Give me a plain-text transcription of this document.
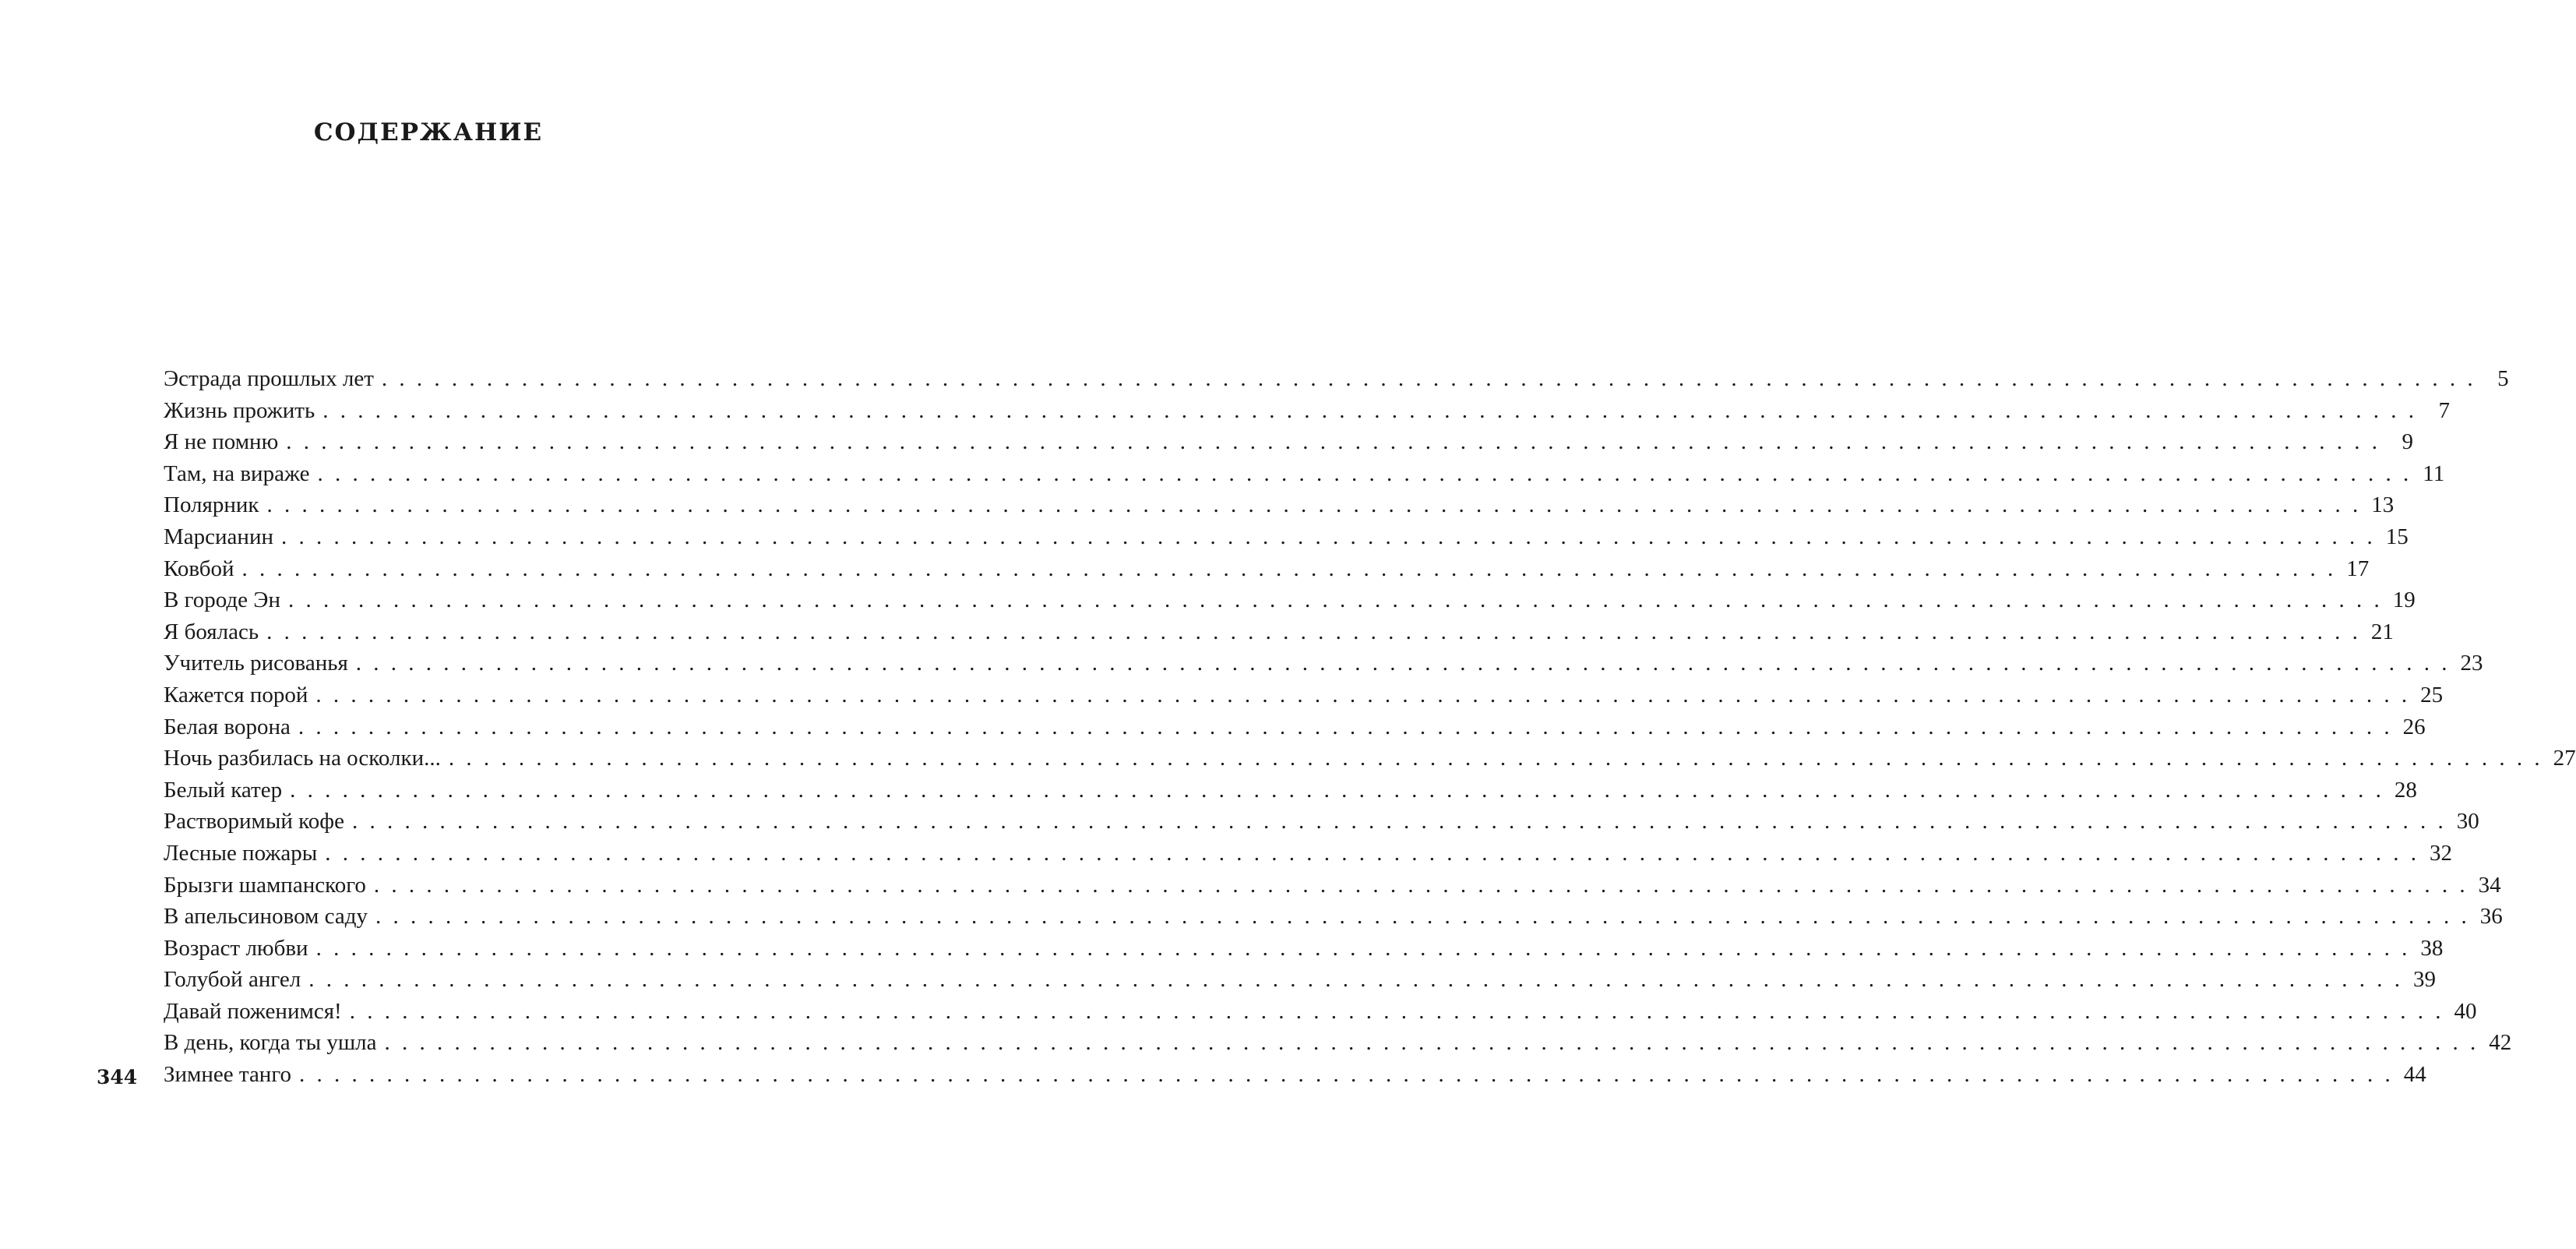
СОДЕРЖАНИЕ
Эстрада прошлых лет . . . . . . . . . . . . . . . . . . . . . . . . . . . . . . . . . . . . . . . . . . . . . . . . . . . . . . . . . . . . . . . . . . . . . . . . . . . . . . . . . . . . . . . . . . . . . . . . . . . . . . . . . . . . . . . . . . . . . . . . 5
Жизнь прожить . . . . . . . . . . . . . . . . . . . . . . . . . . . . . . . . . . . . . . . . . . . . . . . . . . . . . . . . . . . . . . . . . . . . . . . . . . . . . . . . . . . . . . . . . . . . . . . . . . . . . . . . . . . . . . . . . . . . . . . . 7
Я не помню . . . . . . . . . . . . . . . . . . . . . . . . . . . . . . . . . . . . . . . . . . . . . . . . . . . . . . . . . . . . . . . . . . . . . . . . . . . . . . . . . . . . . . . . . . . . . . . . . . . . . . . . . . . . . . . . . . . . . . . . 9
Там, на вираже . . . . . . . . . . . . . . . . . . . . . . . . . . . . . . . . . . . . . . . . . . . . . . . . . . . . . . . . . . . . . . . . . . . . . . . . . . . . . . . . . . . . . . . . . . . . . . . . . . . . . . . . . . . . . . . . . . . . . . . . 11
Полярник . . . . . . . . . . . . . . . . . . . . . . . . . . . . . . . . . . . . . . . . . . . . . . . . . . . . . . . . . . . . . . . . . . . . . . . . . . . . . . . . . . . . . . . . . . . . . . . . . . . . . . . . . . . . . . . . . . . . . . . . 13
Марсианин . . . . . . . . . . . . . . . . . . . . . . . . . . . . . . . . . . . . . . . . . . . . . . . . . . . . . . . . . . . . . . . . . . . . . . . . . . . . . . . . . . . . . . . . . . . . . . . . . . . . . . . . . . . . . . . . . . . . . . . . 15
Ковбой . . . . . . . . . . . . . . . . . . . . . . . . . . . . . . . . . . . . . . . . . . . . . . . . . . . . . . . . . . . . . . . . . . . . . . . . . . . . . . . . . . . . . . . . . . . . . . . . . . . . . . . . . . . . . . . . . . . . . . . . 17
В городе Эн . . . . . . . . . . . . . . . . . . . . . . . . . . . . . . . . . . . . . . . . . . . . . . . . . . . . . . . . . . . . . . . . . . . . . . . . . . . . . . . . . . . . . . . . . . . . . . . . . . . . . . . . . . . . . . . . . . . . . . . . 19
Я боялась . . . . . . . . . . . . . . . . . . . . . . . . . . . . . . . . . . . . . . . . . . . . . . . . . . . . . . . . . . . . . . . . . . . . . . . . . . . . . . . . . . . . . . . . . . . . . . . . . . . . . . . . . . . . . . . . . . . . . . . . 21
Учитель рисованья . . . . . . . . . . . . . . . . . . . . . . . . . . . . . . . . . . . . . . . . . . . . . . . . . . . . . . . . . . . . . . . . . . . . . . . . . . . . . . . . . . . . . . . . . . . . . . . . . . . . . . . . . . . . . . . . . . . . . . . . 23
Кажется порой . . . . . . . . . . . . . . . . . . . . . . . . . . . . . . . . . . . . . . . . . . . . . . . . . . . . . . . . . . . . . . . . . . . . . . . . . . . . . . . . . . . . . . . . . . . . . . . . . . . . . . . . . . . . . . . . . . . . . . . . 25
Белая ворона . . . . . . . . . . . . . . . . . . . . . . . . . . . . . . . . . . . . . . . . . . . . . . . . . . . . . . . . . . . . . . . . . . . . . . . . . . . . . . . . . . . . . . . . . . . . . . . . . . . . . . . . . . . . . . . . . . . . . . . . 26
Ночь разбилась на осколки... . . . . . . . . . . . . . . . . . . . . . . . . . . . . . . . . . . . . . . . . . . . . . . . . . . . . . . . . . . . . . . . . . . . . . . . . . . . . . . . . . . . . . . . . . . . . . . . . . . . . . . . . . . . . . . . . . . . . . . . . 27
Белый катер . . . . . . . . . . . . . . . . . . . . . . . . . . . . . . . . . . . . . . . . . . . . . . . . . . . . . . . . . . . . . . . . . . . . . . . . . . . . . . . . . . . . . . . . . . . . . . . . . . . . . . . . . . . . . . . . . . . . . . . . 28
Растворимый кофе . . . . . . . . . . . . . . . . . . . . . . . . . . . . . . . . . . . . . . . . . . . . . . . . . . . . . . . . . . . . . . . . . . . . . . . . . . . . . . . . . . . . . . . . . . . . . . . . . . . . . . . . . . . . . . . . . . . . . . . . 30
Лесные пожары . . . . . . . . . . . . . . . . . . . . . . . . . . . . . . . . . . . . . . . . . . . . . . . . . . . . . . . . . . . . . . . . . . . . . . . . . . . . . . . . . . . . . . . . . . . . . . . . . . . . . . . . . . . . . . . . . . . . . . . . 32
Брызги шампанского . . . . . . . . . . . . . . . . . . . . . . . . . . . . . . . . . . . . . . . . . . . . . . . . . . . . . . . . . . . . . . . . . . . . . . . . . . . . . . . . . . . . . . . . . . . . . . . . . . . . . . . . . . . . . . . . . . . . . . . . 34
В апельсиновом саду . . . . . . . . . . . . . . . . . . . . . . . . . . . . . . . . . . . . . . . . . . . . . . . . . . . . . . . . . . . . . . . . . . . . . . . . . . . . . . . . . . . . . . . . . . . . . . . . . . . . . . . . . . . . . . . . . . . . . . . . 36
Возраст любви . . . . . . . . . . . . . . . . . . . . . . . . . . . . . . . . . . . . . . . . . . . . . . . . . . . . . . . . . . . . . . . . . . . . . . . . . . . . . . . . . . . . . . . . . . . . . . . . . . . . . . . . . . . . . . . . . . . . . . . . 38
Голубой ангел . . . . . . . . . . . . . . . . . . . . . . . . . . . . . . . . . . . . . . . . . . . . . . . . . . . . . . . . . . . . . . . . . . . . . . . . . . . . . . . . . . . . . . . . . . . . . . . . . . . . . . . . . . . . . . . . . . . . . . . . 39
Давай поженимся! . . . . . . . . . . . . . . . . . . . . . . . . . . . . . . . . . . . . . . . . . . . . . . . . . . . . . . . . . . . . . . . . . . . . . . . . . . . . . . . . . . . . . . . . . . . . . . . . . . . . . . . . . . . . . . . . . . . . . . . . 40
В день, когда ты ушла . . . . . . . . . . . . . . . . . . . . . . . . . . . . . . . . . . . . . . . . . . . . . . . . . . . . . . . . . . . . . . . . . . . . . . . . . . . . . . . . . . . . . . . . . . . . . . . . . . . . . . . . . . . . . . . . . . . . . . . . 42
Зимнее танго . . . . . . . . . . . . . . . . . . . . . . . . . . . . . . . . . . . . . . . . . . . . . . . . . . . . . . . . . . . . . . . . . . . . . . . . . . . . . . . . . . . . . . . . . . . . . . . . . . . . . . . . . . . . . . . . . . . . . . . . 44
344
